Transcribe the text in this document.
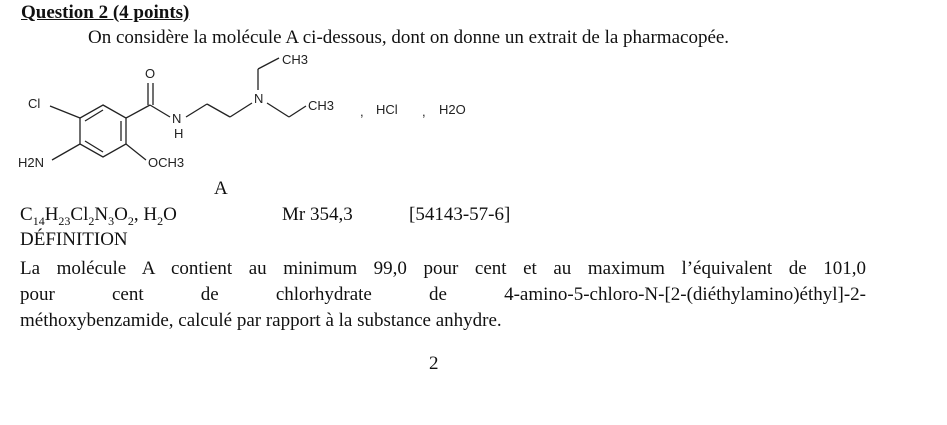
Question 2 (4 points)
On considère la molécule A ci-dessous, dont on donne un extrait de la pharmacopée.
Cl
O
N
H
N
CH3
CH3
H2N	OCH3
, HCl , H2O
A
$C_{14}H_{23}Cl_2N_3O_2$, $H_2O$	Mr 354,3	[54143-57-6]
DÉFINITION
La molécule A contient au minimum 99,0 pour cent et au maximum l’équivalent de 101,0
pour cent de chlorhydrate de 4-amino-5-chloro-N-[2-(diéthylamino)éthyl]-2-
méthoxybenzamide, calculé par rapport à la substance anhydre.
2
